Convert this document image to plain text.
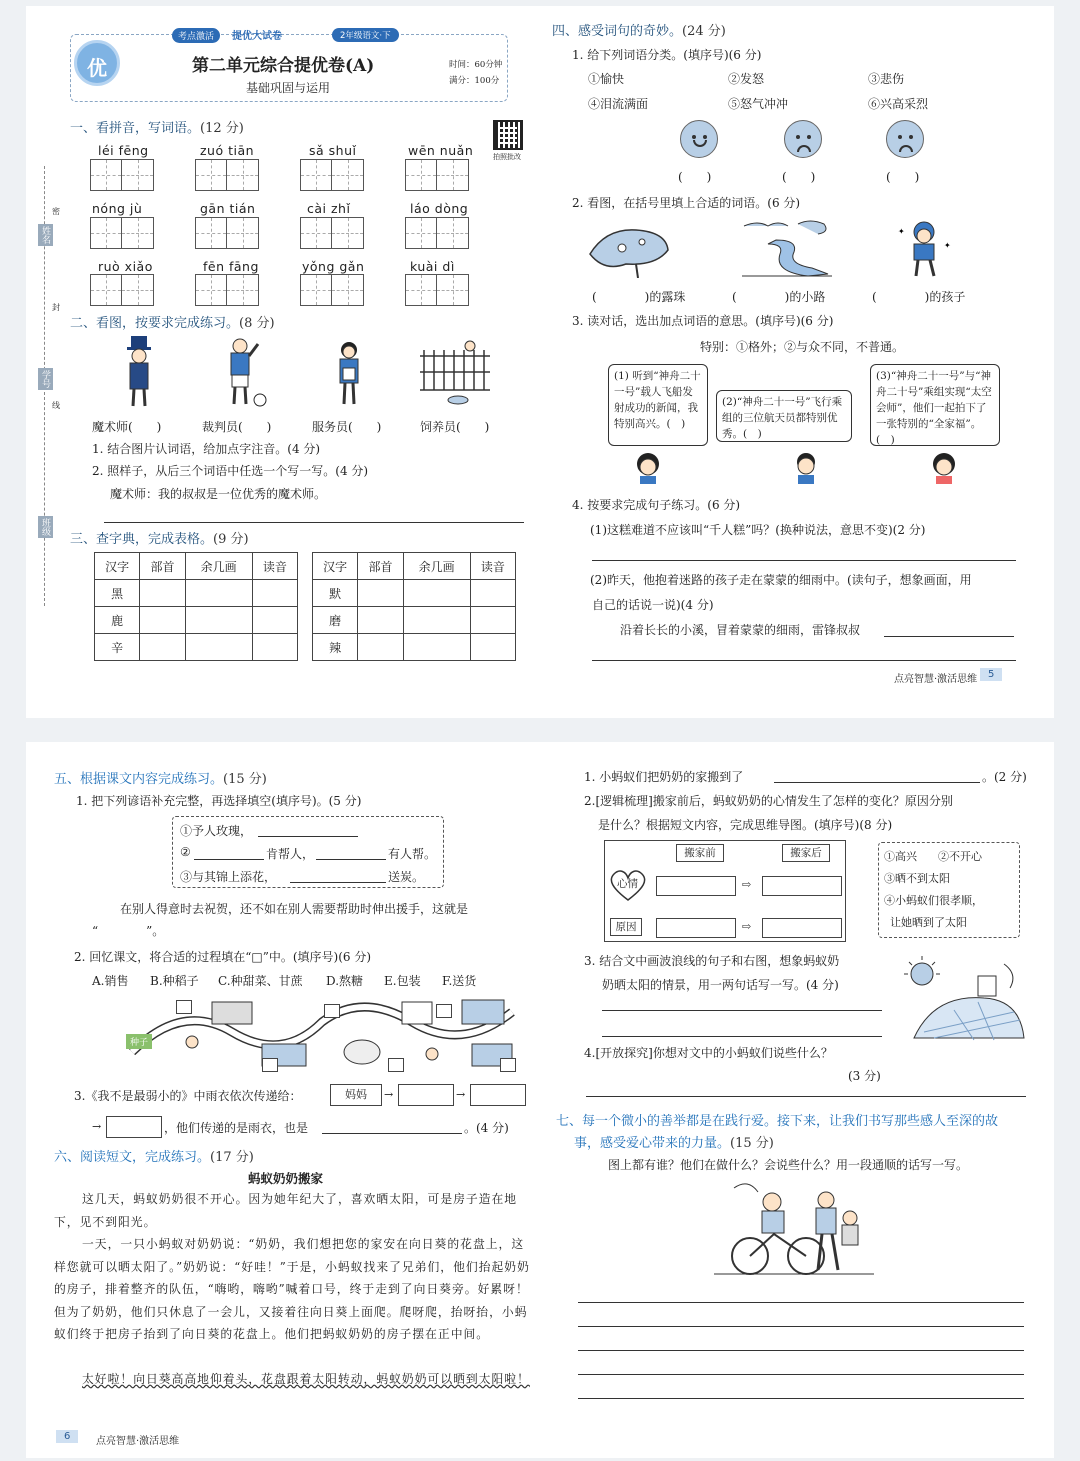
姓名
学号
班级
密
封
线
考点激活	提优大试卷	2年级语文·下
优	第二单元综合提优卷(A)
基础巩固与运用
时间：60分钟
满分：100分
拍照批改
一、看拼音，写词语。(12 分)
léi fēng	zuó tiān	sǎ shuǐ	wēn nuǎn
nóng jù	gān tián	cài zhǐ	láo dòng
ruò xiǎo	fēn fāng	yǒng gǎn	kuài dì
二、看图，按要求完成练习。(8 分)
魔术师(　　)	裁判员(　　)	服务员(　　)	饲养员(　　)
1. 结合图片认词语，给加点字注音。(4 分)
2. 照样子，从后三个词语中任选一个写一写。(4 分)
魔术师：我的叔叔是一位优秀的魔术师。
三、查字典，完成表格。(9 分)
汉字	部首	余几画	读音
黑			
鹿			
辛			
汉字	部首	余几画	读音
默			
磨			
辣			
四、感受词句的奇妙。(24 分)
1. 给下列词语分类。(填序号)(6 分)
①愉快	②发怒	③悲伤
④泪流满面	⑤怒气冲冲	⑥兴高采烈
(　　)	(　　)	(　　)
2. 看图，在括号里填上合适的词语。(6 分)
✦
✦
(　　　　)的露珠	(　　　　)的小路	(　　　　)的孩子
3. 读对话，选出加点词语的意思。(填序号)(6 分)
特别：①格外；②与众不同，不普通。
(1) 听到“神舟二十一号”载人飞船发射成功的新闻，我特别高兴。(　)
(2)“神舟二十一号”飞行乘组的三位航天员都特别优秀。(　)
(3)“神舟二十一号”与“神舟二十号”乘组实现“太空会师”，他们一起拍下了一张特别的“全家福”。(　)
4. 按要求完成句子练习。(6 分)
(1)这糕难道不应该叫“千人糕”吗？(换种说法，意思不变)(2 分)
(2)昨天，他抱着迷路的孩子走在蒙蒙的细雨中。(读句子，想象画面，用
自己的话说一说)(4 分)
沿着长长的小溪，冒着蒙蒙的细雨，雷锋叔叔
点亮智慧·激活思维	5
五、根据课文内容完成练习。(15 分)
1. 把下列谚语补充完整，再选择填空(填序号)。(5 分)
①予人玫瑰，
②	肯帮人，	有人帮。
③与其锦上添花，	送炭。
在别人得意时去祝贺，还不如在别人需要帮助时伸出援手，这就是
“　　　　”。
2. 回忆课文，将合适的过程填在“□”中。(填序号)(6 分)
A.销售 B.种稻子 C.种甜菜、甘蔗 D.熬糖 E.包装 F.送货
种子
3.《我不是最弱小的》中雨衣依次传递给：	妈妈	→	→
→	，他们传递的是雨衣，也是	。(4 分)
六、阅读短文，完成练习。(17 分)
蚂蚁奶奶搬家
这几天，蚂蚁奶奶很不开心。因为她年纪大了，喜欢晒太阳，可是房子造在地下，见不到阳光。
一天，一只小蚂蚁对奶奶说：“奶奶，我们想把您的家安在向日葵的花盘上，这样您就可以晒太阳了。”奶奶说：“好哇！”于是，小蚂蚁找来了兄弟们，他们抬起奶奶的房子，排着整齐的队伍，“嗨哟，嗨哟”喊着口号，终于走到了向日葵旁。好累呀！但为了奶奶，他们只休息了一会儿，又接着往向日葵上面爬。爬呀爬，抬呀抬，小蚂蚁们终于把房子抬到了向日葵的花盘上。他们把蚂蚁奶奶的房子摆在正中间。
太好啦！向日葵高高地仰着头，花盘跟着太阳转动，蚂蚁奶奶可以晒到太阳啦！
点亮智慧·激活思维
6
1. 小蚂蚁们把奶奶的家搬到了	。(2 分)
2.[逻辑梳理]搬家前后，蚂蚁奶奶的心情发生了怎样的变化？原因分别
是什么？根据短文内容，完成思维导图。(填序号)(8 分)
搬家前	搬家后
心情	⇨
原因	⇨
①高兴 ②不开心
③晒不到太阳
④小蚂蚁们很孝顺，
让她晒到了太阳
3. 结合文中画波浪线的句子和右图，想象蚂蚁奶
奶晒太阳的情景，用一两句话写一写。(4 分)
4.[开放探究]你想对文中的小蚂蚁们说些什么？
(3 分)
七、每一个微小的善举都是在践行爱。接下来，让我们书写那些感人至深的故
事，感受爱心带来的力量。(15 分)
图上都有谁？他们在做什么？会说些什么？用一段通顺的话写一写。
